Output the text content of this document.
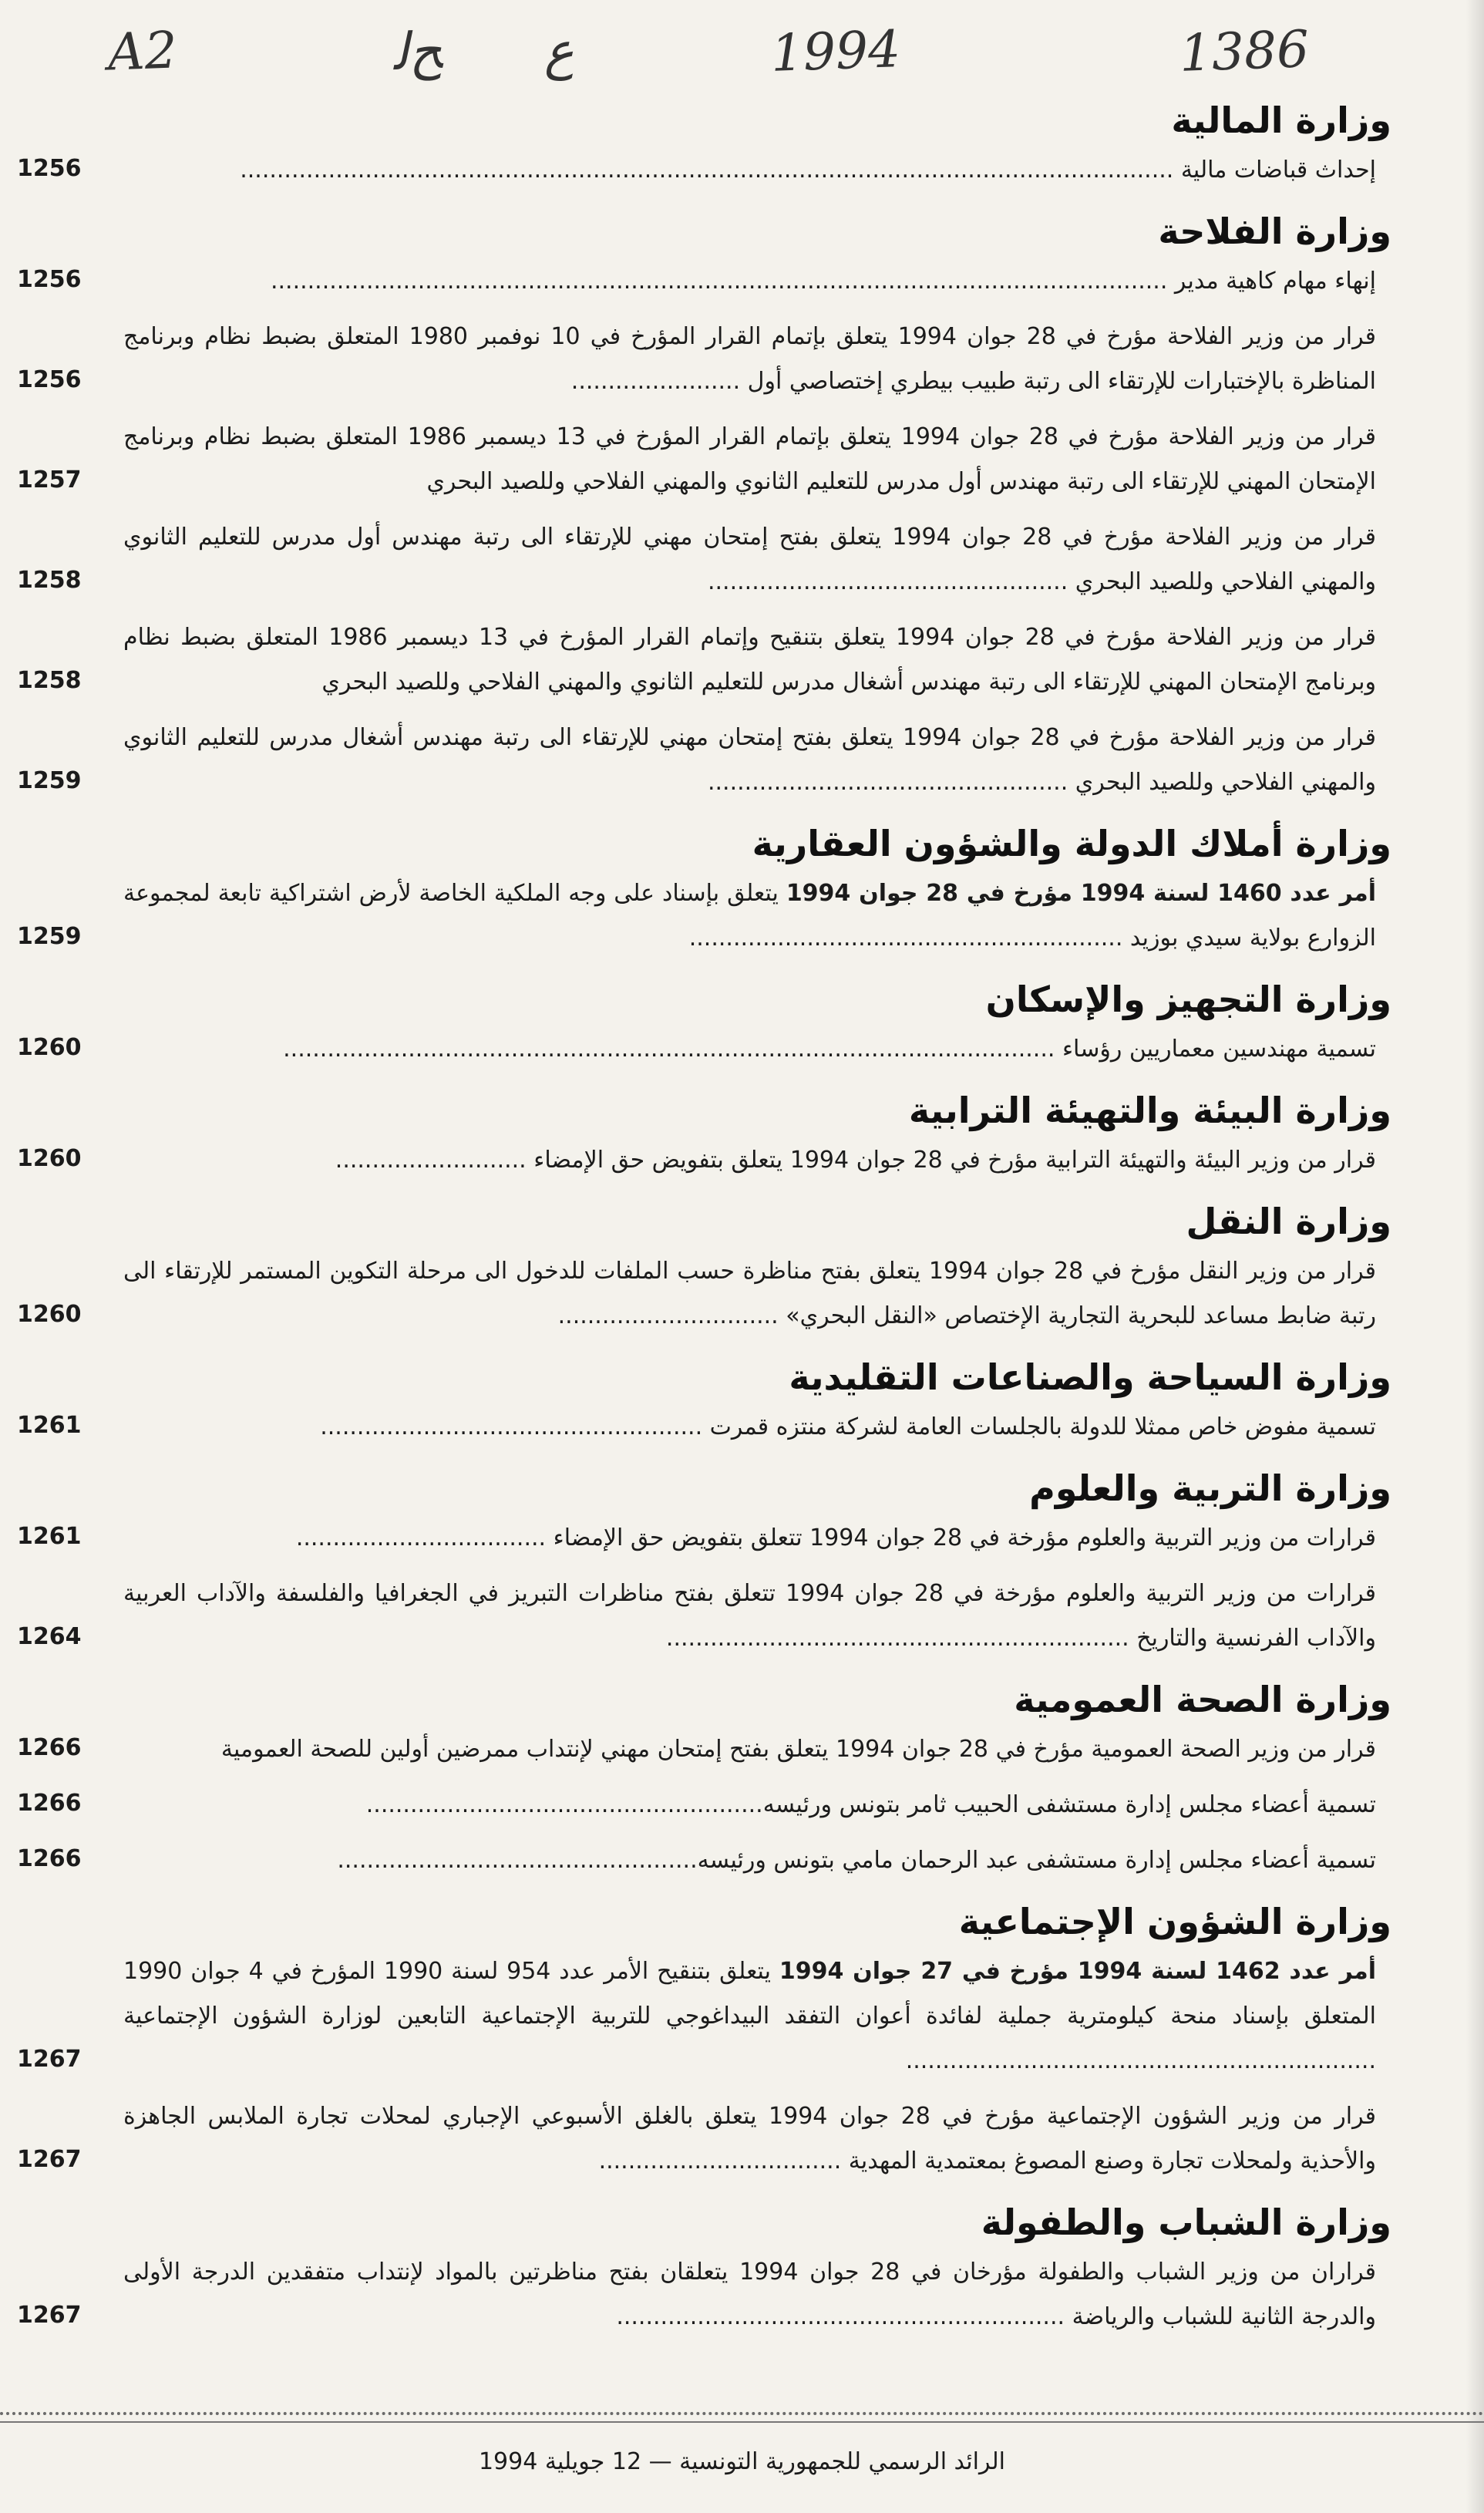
A2	ﺢﻟ ع	1994	1386
وزارة المالية
إحداث قباضات مالية ...............................................................................................................................
1256
وزارة الفلاحة
إنهاء مهام كاهية مدير ..........................................................................................................................
1256
قرار من وزير الفلاحة مؤرخ في 28 جوان 1994 يتعلق بإتمام القرار المؤرخ في 10 نوفمبر 1980 المتعلق بضبط نظام وبرنامج المناظرة بالإختبارات للإرتقاء الى رتبة طبيب بيطري إختصاصي أول .......................
1256
قرار من وزير الفلاحة مؤرخ في 28 جوان 1994 يتعلق بإتمام القرار المؤرخ في 13 ديسمبر 1986 المتعلق بضبط نظام وبرنامج الإمتحان المهني للإرتقاء الى رتبة مهندس أول مدرس للتعليم الثانوي والمهني الفلاحي وللصيد البحري
1257
قرار من وزير الفلاحة مؤرخ في 28 جوان 1994 يتعلق بفتح إمتحان مهني للإرتقاء الى رتبة مهندس أول مدرس للتعليم الثانوي والمهني الفلاحي وللصيد البحري .................................................
1258
قرار من وزير الفلاحة مؤرخ في 28 جوان 1994 يتعلق بتنقيح وإتمام القرار المؤرخ في 13 ديسمبر 1986 المتعلق بضبط نظام وبرنامج الإمتحان المهني للإرتقاء الى رتبة مهندس أشغال مدرس للتعليم الثانوي والمهني الفلاحي وللصيد البحري
1258
قرار من وزير الفلاحة مؤرخ في 28 جوان 1994 يتعلق بفتح إمتحان مهني للإرتقاء الى رتبة مهندس أشغال مدرس للتعليم الثانوي والمهني الفلاحي وللصيد البحري .................................................
1259
وزارة أملاك الدولة والشؤون العقارية
أمر عدد 1460 لسنة 1994 مؤرخ في 28 جوان 1994 يتعلق بإسناد على وجه الملكية الخاصة لأرض اشتراكية تابعة لمجموعة الزوارع بولاية سيدي بوزيد ...........................................................
1259
وزارة التجهيز والإسكان
تسمية مهندسين معماريين رؤساء .........................................................................................................
1260
وزارة البيئة والتهيئة الترابية
قرار من وزير البيئة والتهيئة الترابية مؤرخ في 28 جوان 1994 يتعلق بتفويض حق الإمضاء ..........................
1260
وزارة النقل
قرار من وزير النقل مؤرخ في 28 جوان 1994 يتعلق بفتح مناظرة حسب الملفات للدخول الى مرحلة التكوين المستمر للإرتقاء الى رتبة ضابط مساعد للبحرية التجارية الإختصاص «النقل البحري» ..............................
1260
وزارة السياحة والصناعات التقليدية
تسمية مفوض خاص ممثلا للدولة بالجلسات العامة لشركة منتزه قمرت ....................................................
1261
وزارة التربية والعلوم
قرارات من وزير التربية والعلوم مؤرخة في 28 جوان 1994 تتعلق بتفويض حق الإمضاء ..................................
1261
قرارات من وزير التربية والعلوم مؤرخة في 28 جوان 1994 تتعلق بفتح مناظرات التبريز في الجغرافيا والفلسفة والآداب العربية والآداب الفرنسية والتاريخ ...............................................................
1264
وزارة الصحة العمومية
قرار من وزير الصحة العمومية مؤرخ في 28 جوان 1994 يتعلق بفتح إمتحان مهني لإنتداب ممرضين أولين للصحة العمومية
1266
تسمية أعضاء مجلس إدارة مستشفى الحبيب ثامر بتونس ورئيسه......................................................
1266
تسمية أعضاء مجلس إدارة مستشفى عبد الرحمان مامي بتونس ورئيسه.................................................
1266
وزارة الشؤون الإجتماعية
أمر عدد 1462 لسنة 1994 مؤرخ في 27 جوان 1994 يتعلق بتنقيح الأمر عدد 954 لسنة 1990 المؤرخ في 4 جوان 1990 المتعلق بإسناد منحة كيلومترية جملية لفائدة أعوان التفقد البيداغوجي للتربية الإجتماعية التابعين لوزارة الشؤون الإجتماعية ................................................................
1267
قرار من وزير الشؤون الإجتماعية مؤرخ في 28 جوان 1994 يتعلق بالغلق الأسبوعي الإجباري لمحلات تجارة الملابس الجاهزة والأحذية ولمحلات تجارة وصنع المصوغ بمعتمدية المهدية .................................
1267
وزارة الشباب والطفولة
قراران من وزير الشباب والطفولة مؤرخان في 28 جوان 1994 يتعلقان بفتح مناظرتين بالمواد لإنتداب متفقدين الدرجة الأولى والدرجة الثانية للشباب والرياضة .............................................................
1267
الرائد الرسمي للجمهورية التونسية — 12 جويلية 1994
